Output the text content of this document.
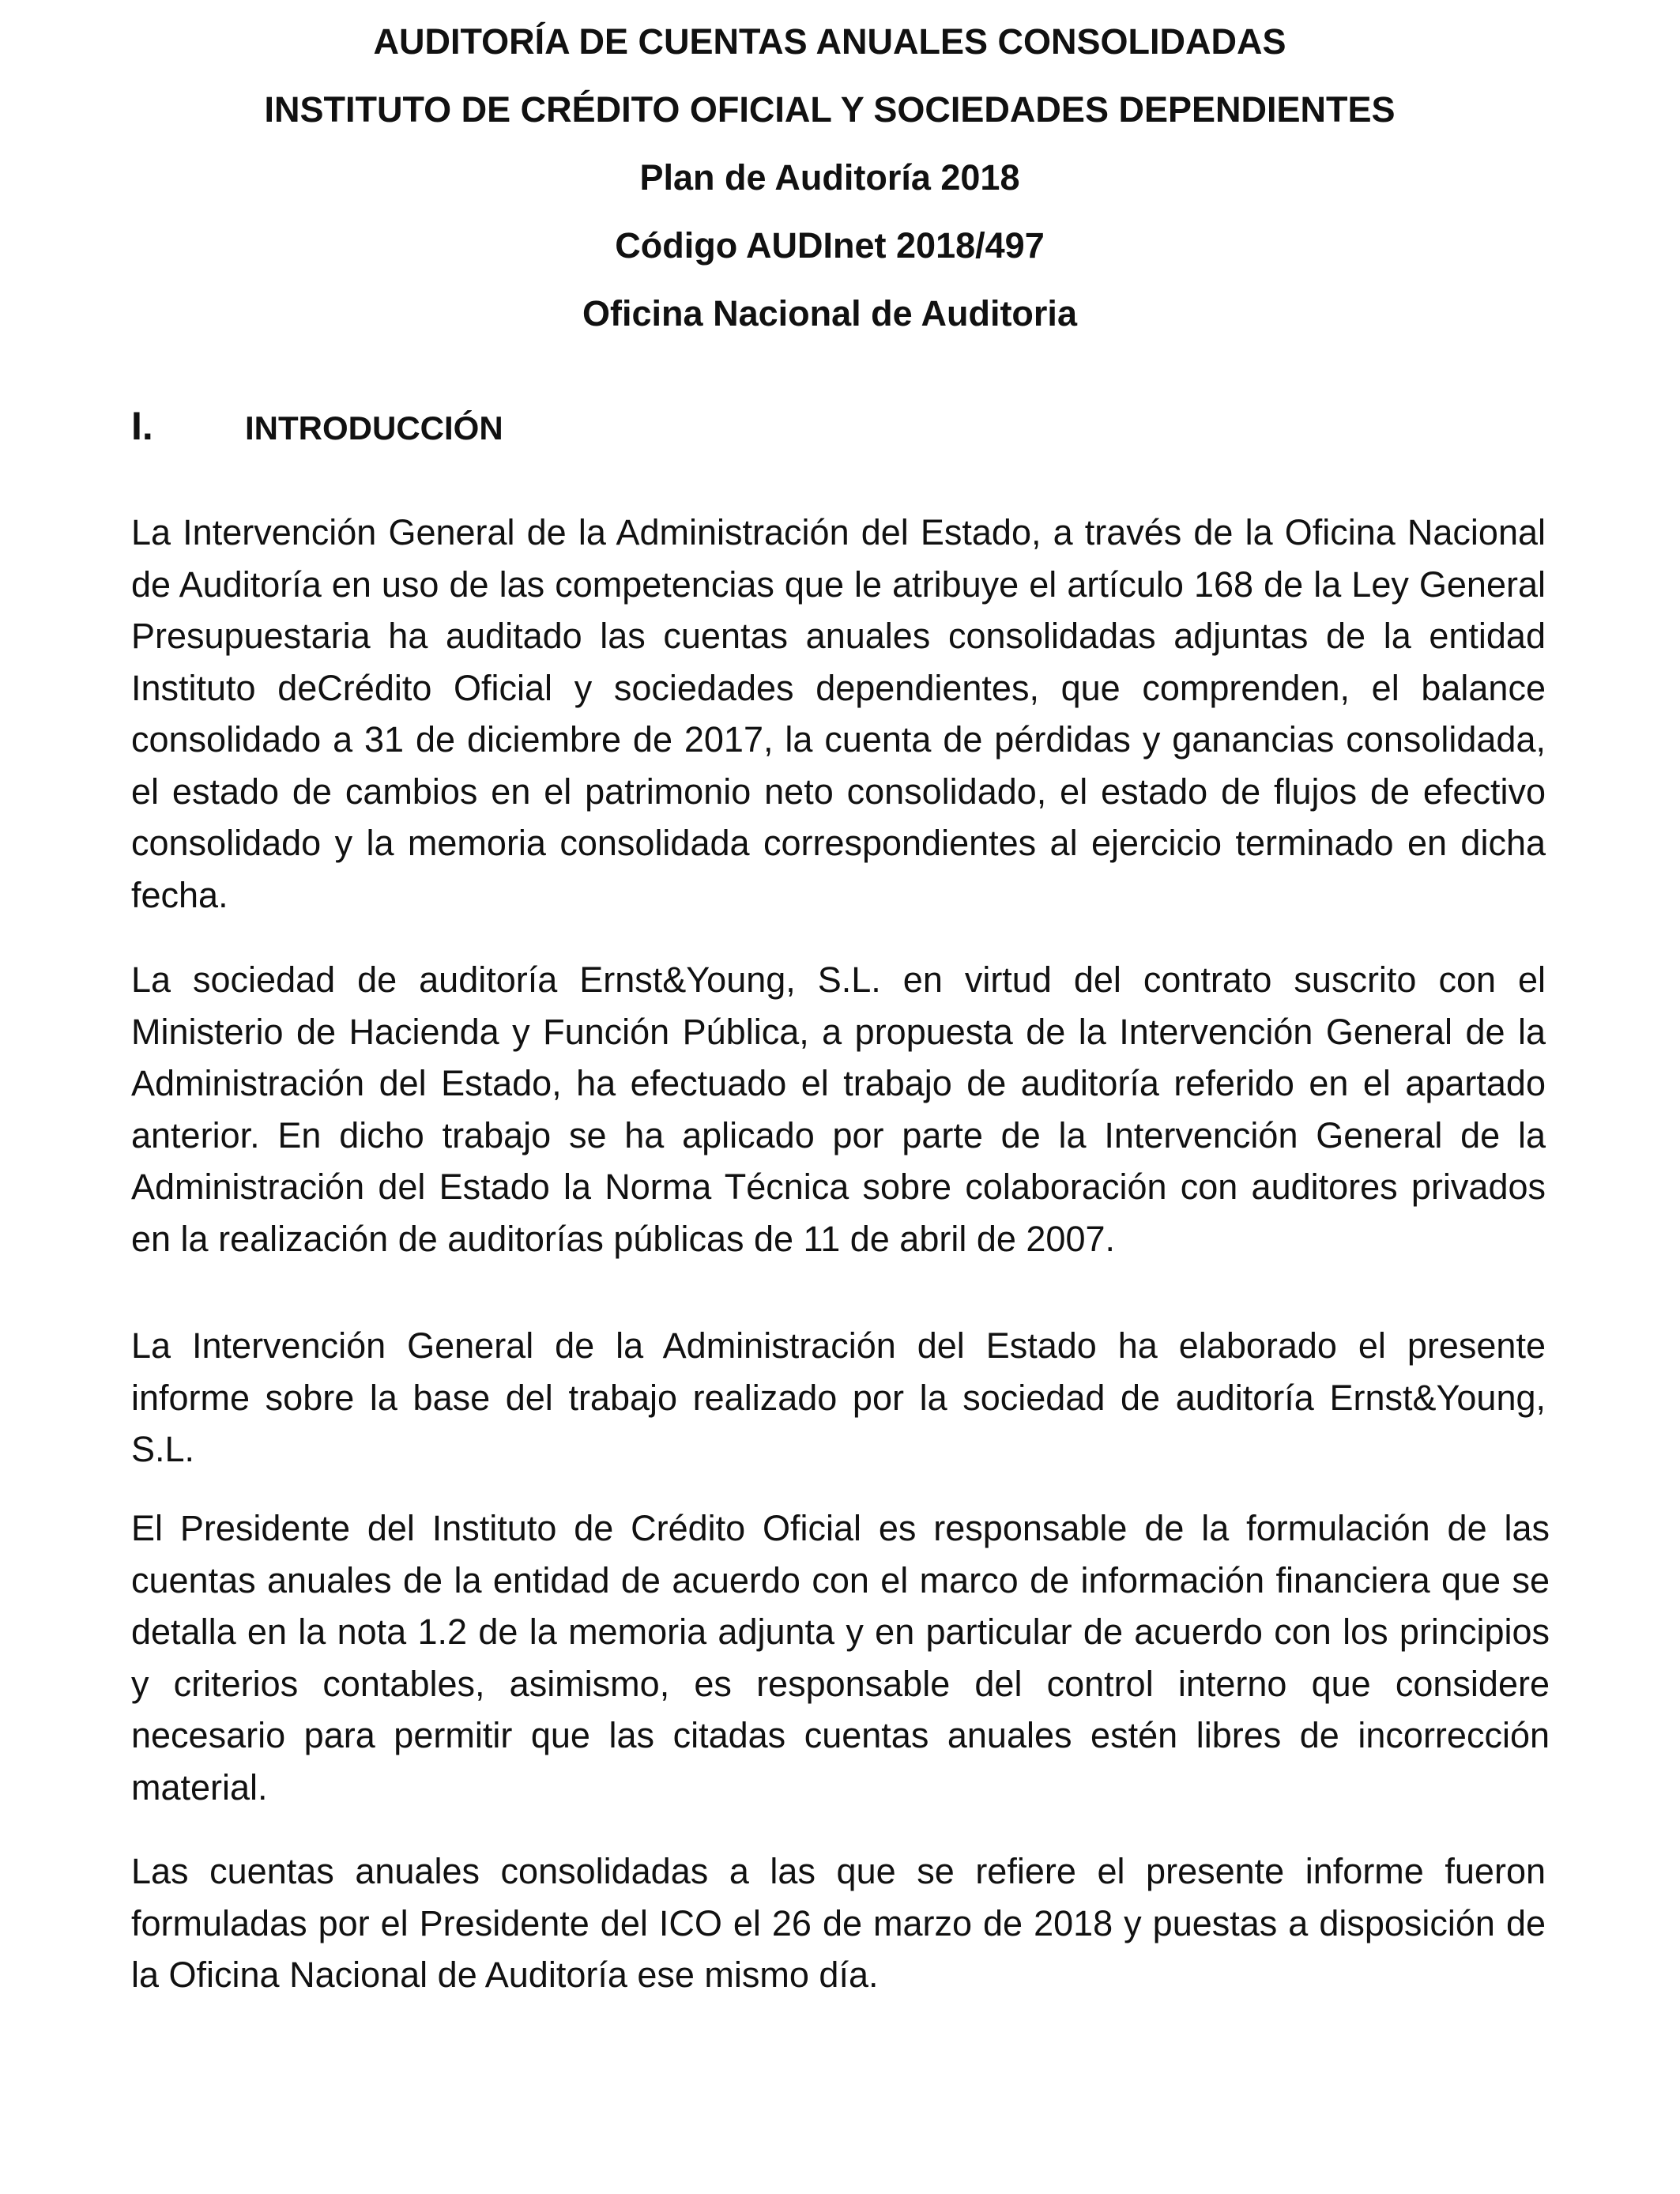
AUDITORÍA DE CUENTAS ANUALES CONSOLIDADAS

INSTITUTO DE CRÉDITO OFICIAL Y SOCIEDADES DEPENDIENTES

Plan de Auditoría 2018

Código AUDInet 2018/497

Oficina Nacional de Auditoria

I.	INTRODUCCIÓN

La Intervención General de la Administración del Estado, a través de la Oficina Nacional de Auditoría en uso de las competencias que le atribuye el artículo 168 de la Ley General Presupuestaria ha auditado las cuentas anuales consolidadas adjuntas de la entidad Instituto deCrédito Oficial y sociedades dependientes, que comprenden, el balance consolidado a 31 de diciembre de 2017, la cuenta de pérdidas y ganancias consolidada, el estado de cambios en el patrimonio neto consolidado, el estado de flujos de efectivo consolidado y la memoria consolidada correspondientes al ejercicio terminado en dicha fecha.

La sociedad de auditoría Ernst&Young, S.L. en virtud del contrato suscrito con el Ministerio de Hacienda y Función Pública, a propuesta de la Intervención General de la Administración del Estado, ha efectuado el trabajo de auditoría referido en el apartado anterior. En dicho trabajo se ha aplicado por parte de la Intervención General de la Administración del Estado la Norma Técnica sobre colaboración con auditores privados en la realización de auditorías públicas de 11 de abril de 2007.

La Intervención General de la Administración del Estado ha elaborado el presente informe sobre la base del trabajo realizado por la sociedad de auditoría Ernst&Young, S.L.

El Presidente del Instituto de Crédito Oficial es responsable de la formulación de las cuentas anuales de la entidad de acuerdo con el marco de información financiera que se detalla en la nota 1.2 de la memoria adjunta y en particular de acuerdo con los principios y criterios contables, asimismo, es responsable del control interno que considere necesario para permitir que las citadas cuentas anuales estén libres de incorrección material.

Las cuentas anuales consolidadas a las que se refiere el presente informe fueron formuladas por el Presidente del ICO el 26 de marzo de 2018 y puestas a disposición de la Oficina Nacional de Auditoría ese mismo día.
